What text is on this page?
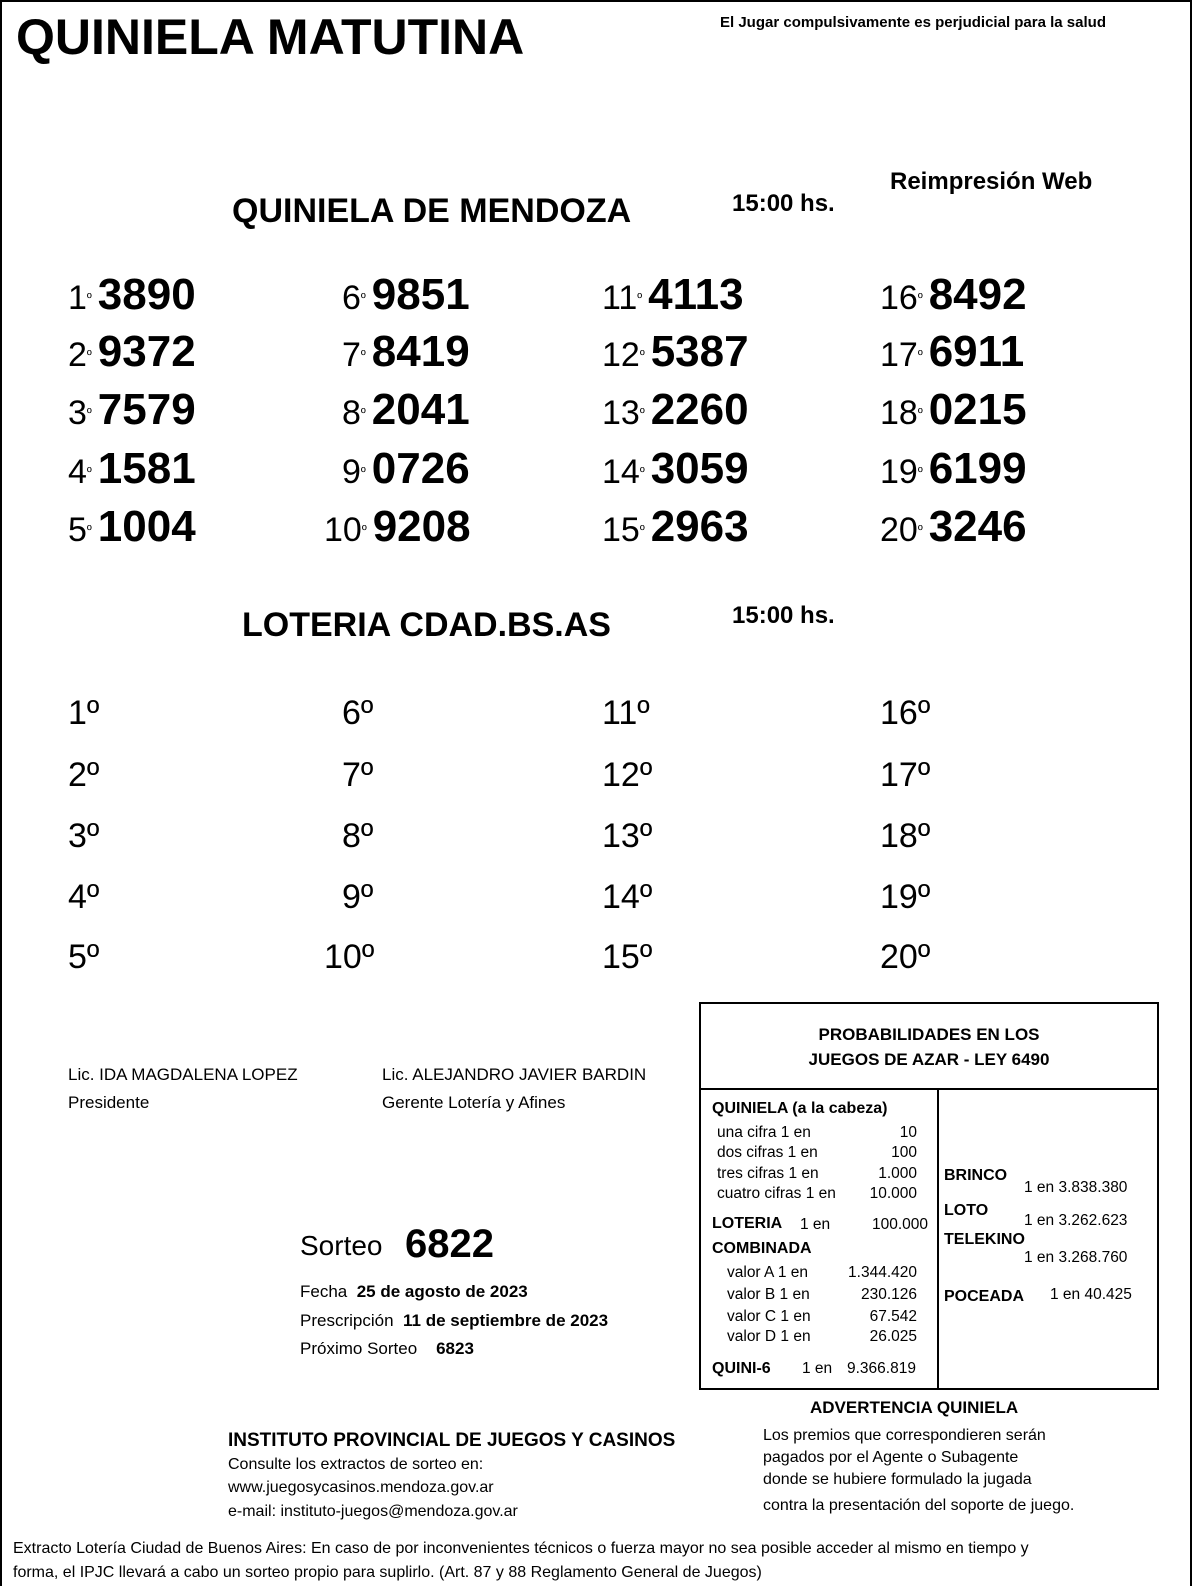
QUINIELA MATUTINA	El Jugar compulsivamente es perjudicial para la salud
Reimpresión Web
QUINIELA DE MENDOZA	15:00 hs.
$1^º$ 3890
$2^º$ 9372
$3^º$ 7579
$4^º$ 1581
$5^º$ 1004
$6^º$ 9851
$7^º$ 8419
$8^º$ 2041
$9^º$ 0726
$10^º$ 9208
$11^º$ 4113
$12^º$ 5387
$13^º$ 2260
$14^º$ 3059
$15^º$ 2963
$16^º$ 8492
$17^º$ 6911
$18^º$ 0215
$19^º$ 6199
$20^º$ 3246
LOTERIA CDAD.BS.AS	15:00 hs.
1º
2º
3º
4º
5º
6º
7º
8º
9º
10º
11º
12º
13º
14º
15º
16º
17º
18º
19º
20º
Lic. IDA MAGDALENA LOPEZ
Presidente
Lic. ALEJANDRO JAVIER BARDIN
Gerente Lotería y Afines
Sorteo 6822
Fecha 25 de agosto de 2023
Prescripción 11 de septiembre de 2023
Próximo Sorteo 6823
PROBABILIDADES EN LOS
JUEGOS DE AZAR - LEY 6490
QUINIELA (a la cabeza)
una cifra 1 en	10
dos cifras 1 en	100
tres cifras 1 en	1.000
cuatro cifras 1 en 10.000
LOTERIA 1 en	100.000
COMBINADA
valor A 1 en	1.344.420
valor B 1 en	230.126
valor C 1 en	67.542
valor D 1 en	26.025
QUINI-6 1 en 9.366.819
BRINCO
1 en 3.838.380
LOTO
1 en 3.262.623
TELEKINO
1 en 3.268.760
POCEADA 1 en 40.425
ADVERTENCIA QUINIELA
Los premios que correspondieren serán
pagados por el Agente o Subagente
donde se hubiere formulado la jugada
contra la presentación del soporte de juego.
INSTITUTO PROVINCIAL DE JUEGOS Y CASINOS
Consulte los extractos de sorteo en:
www.juegosycasinos.mendoza.gov.ar
e-mail: instituto-juegos@mendoza.gov.ar
Extracto Lotería Ciudad de Buenos Aires: En caso de por inconvenientes técnicos o fuerza mayor no sea posible acceder al mismo en tiempo y
forma, el IPJC llevará a cabo un sorteo propio para suplirlo. (Art. 87 y 88 Reglamento General de Juegos)
